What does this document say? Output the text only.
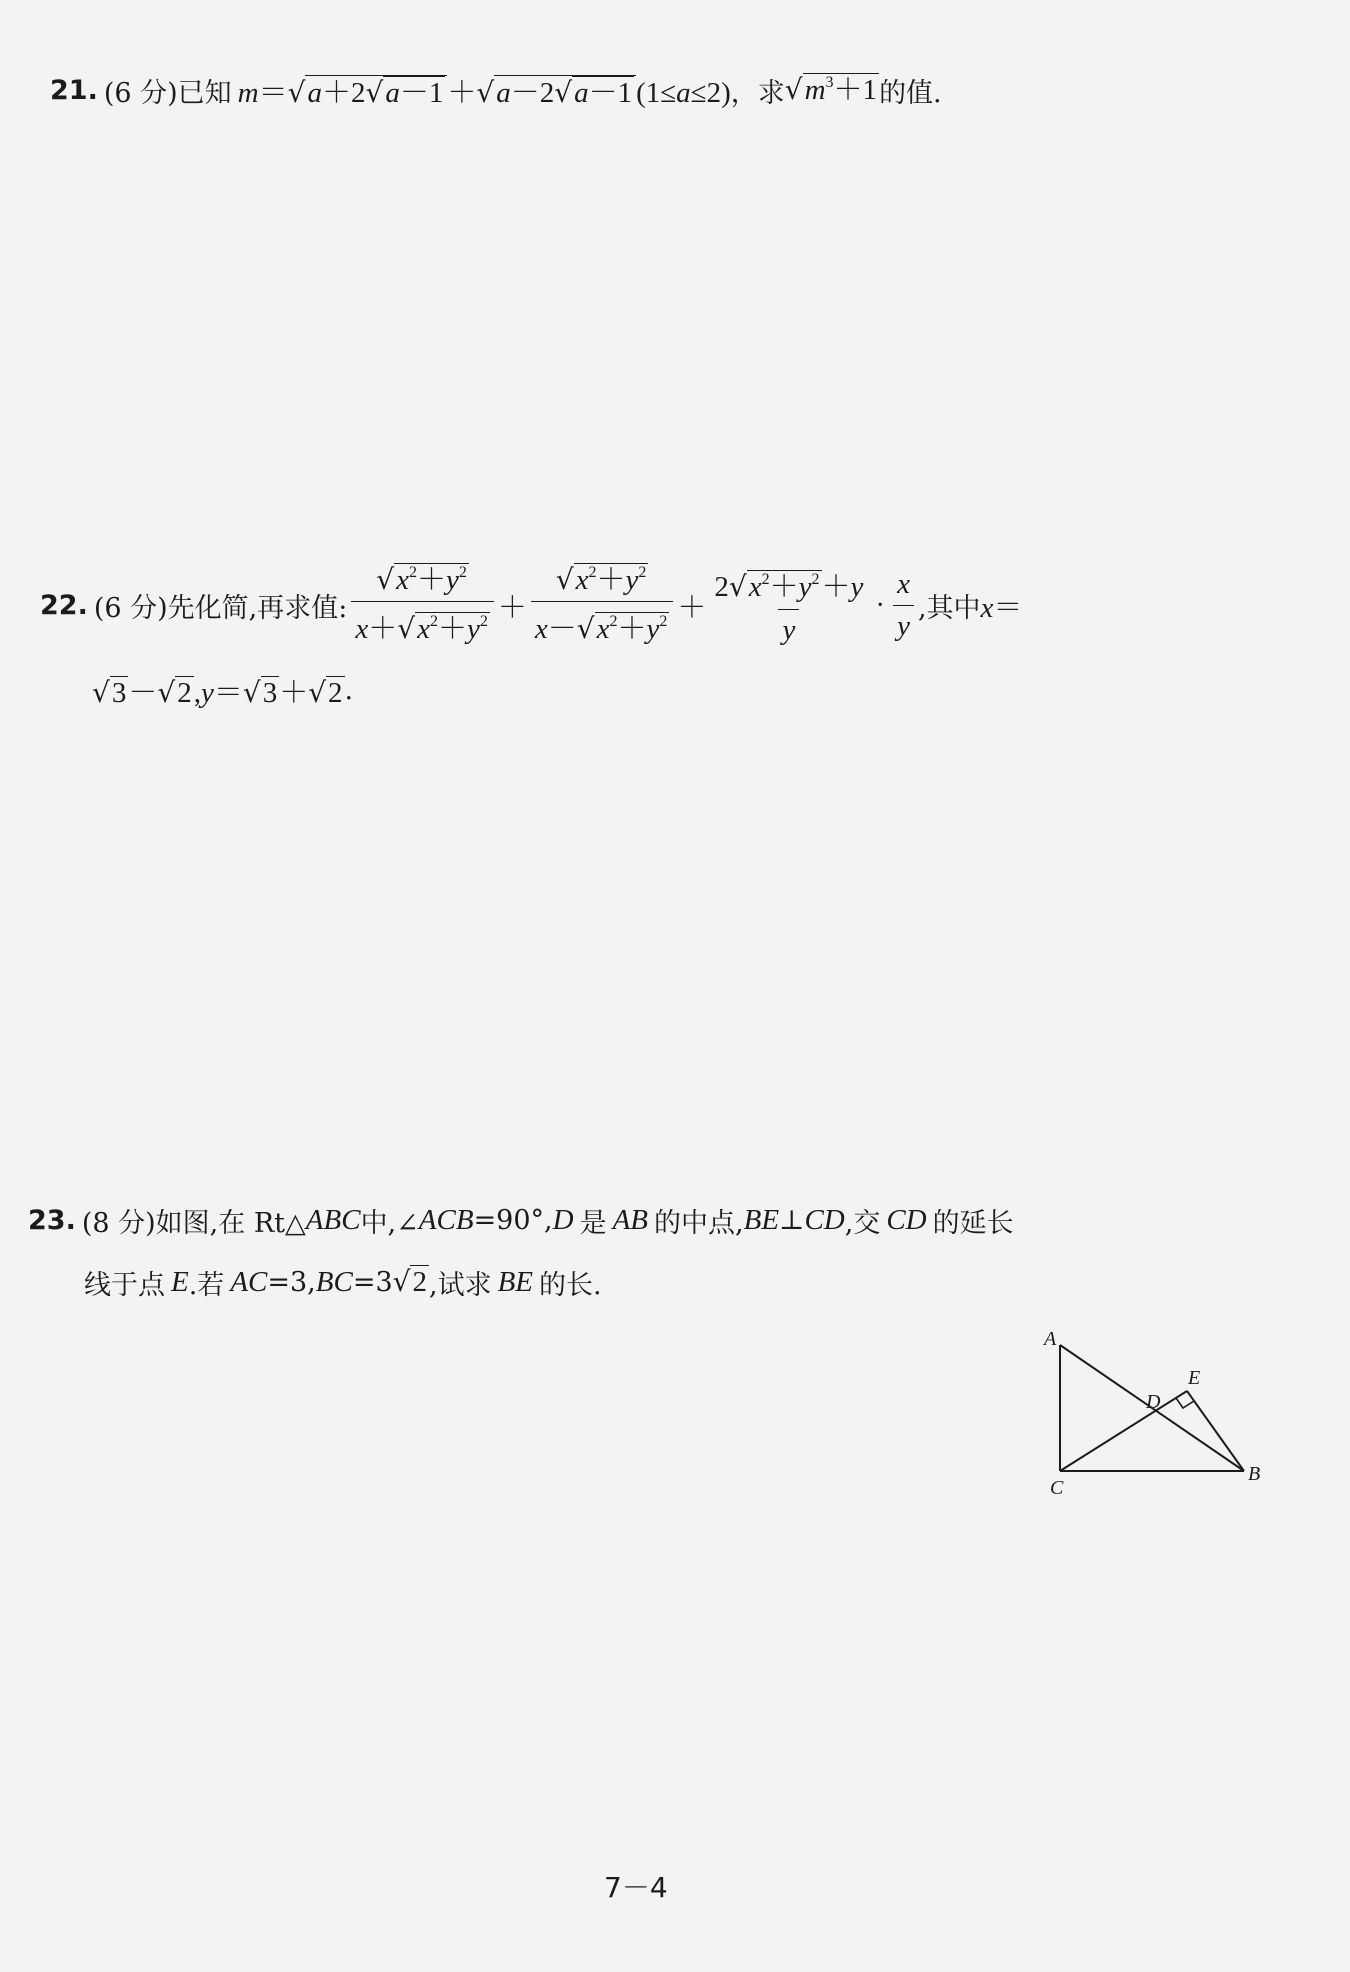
21. (6 分)已知 m＝√a＋2√a－1 ＋√a－2√a－1 (1≤a≤2) ，求 $√m^3+1$ 的值.
22. (6 分)先化简,再求值: $\frac{√x^2+y^2}{x+√x^2+y^2} + \frac{√x^2+y^2}{x-√x^2+y^2} + \frac{2√x^2+y^2+y}{y} \cdot \frac{x}{y}$ ,其中 x＝
√3－√2,y＝√3＋√2 .
23. (8 分)如图,在 Rt△ ABC 中,∠ ACB =90°, D 是 AB 的中点, BE ⊥ CD ,交 CD 的延长
线于点 E .若 AC =3, BC =3 √2 ,试求 BE 的长.
A
C
B
D
E
7－4
